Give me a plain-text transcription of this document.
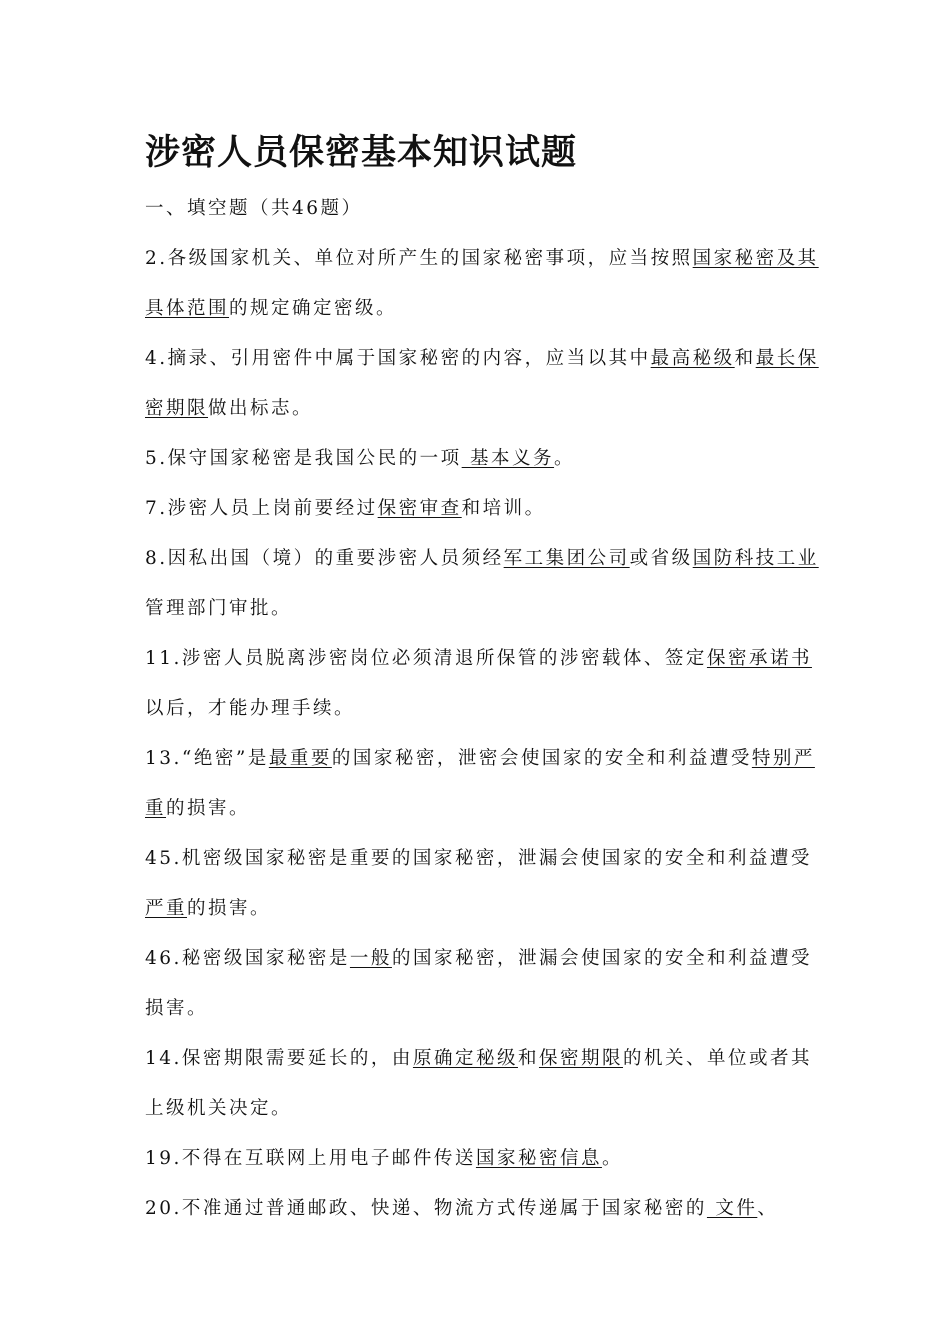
涉密人员保密基本知识试题
一、填空题（共46题）

2.各级国家机关、单位对所产生的国家秘密事项，应当按照国家秘密及其具体范围的规定确定密级。

4.摘录、引用密件中属于国家秘密的内容，应当以其中最高秘级和最长保密期限做出标志。

5.保守国家秘密是我国公民的一项 基本义务。

7.涉密人员上岗前要经过保密审查和培训。

8.因私出国（境）的重要涉密人员须经军工集团公司或省级国防科技工业管理部门审批。

11.涉密人员脱离涉密岗位必须清退所保管的涉密载体、签定保密承诺书以后，才能办理手续。

13.“绝密”是最重要的国家秘密，泄密会使国家的安全和利益遭受特别严重的损害。

45.机密级国家秘密是重要的国家秘密，泄漏会使国家的安全和利益遭受严重的损害。

46.秘密级国家秘密是一般的国家秘密，泄漏会使国家的安全和利益遭受损害。

14.保密期限需要延长的，由原确定秘级和保密期限的机关、单位或者其上级机关决定。

19.不得在互联网上用电子邮件传送国家秘密信息。

20.不准通过普通邮政、快递、物流方式传递属于国家秘密的 文件、
